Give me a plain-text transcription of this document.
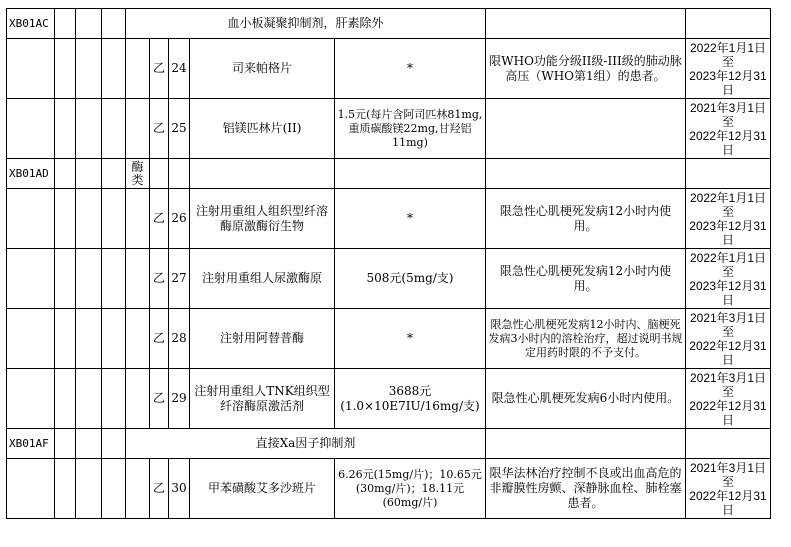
XB01AC				血小板凝聚抑制剂，肝素除外						
					乙	24	司来帕格片	*	限WHO功能分级II级-III级的肺动脉高压（WHO第1组）的患者。	2022年1月1日
至
2023年12月31日

					乙	25	铝镁匹林片(II)	1.5元(每片含阿司匹林81mg,重质碳酸镁22mg,甘羟铝11mg)		2021年3月1日
至
2022年12月31日

XB01AD				酶类						
					乙	26	注射用重组人组织型纤溶酶原激酶衍生物	*	限急性心肌梗死发病12小时内使用。	2022年1月1日
至
2023年12月31日

					乙	27	注射用重组人尿激酶原	508元(5mg/支)	限急性心肌梗死发病12小时内使用。	2022年1月1日
至
2023年12月31日

					乙	28	注射用阿替普酶	*	限急性心肌梗死发病12小时内、脑梗死发病3小时内的溶栓治疗，超过说明书规定用药时限的不予支付。	2021年3月1日
至
2022年12月31日

					乙	29	注射用重组人TNK组织型纤溶酶原激活剂	3688元(1.0×10E7IU/16mg/支)	限急性心肌梗死发病6小时内使用。	2021年3月1日
至
2022年12月31日

XB01AF				直接Xa因子抑制剂						
					乙	30	甲苯磺酸艾多沙班片	6.26元(15mg/片)；10.65元(30mg/片)；18.11元(60mg/片)	限华法林治疗控制不良或出血高危的非瓣膜性房颤、深静脉血栓、肺栓塞患者。	2021年3月1日
至
2022年12月31日
